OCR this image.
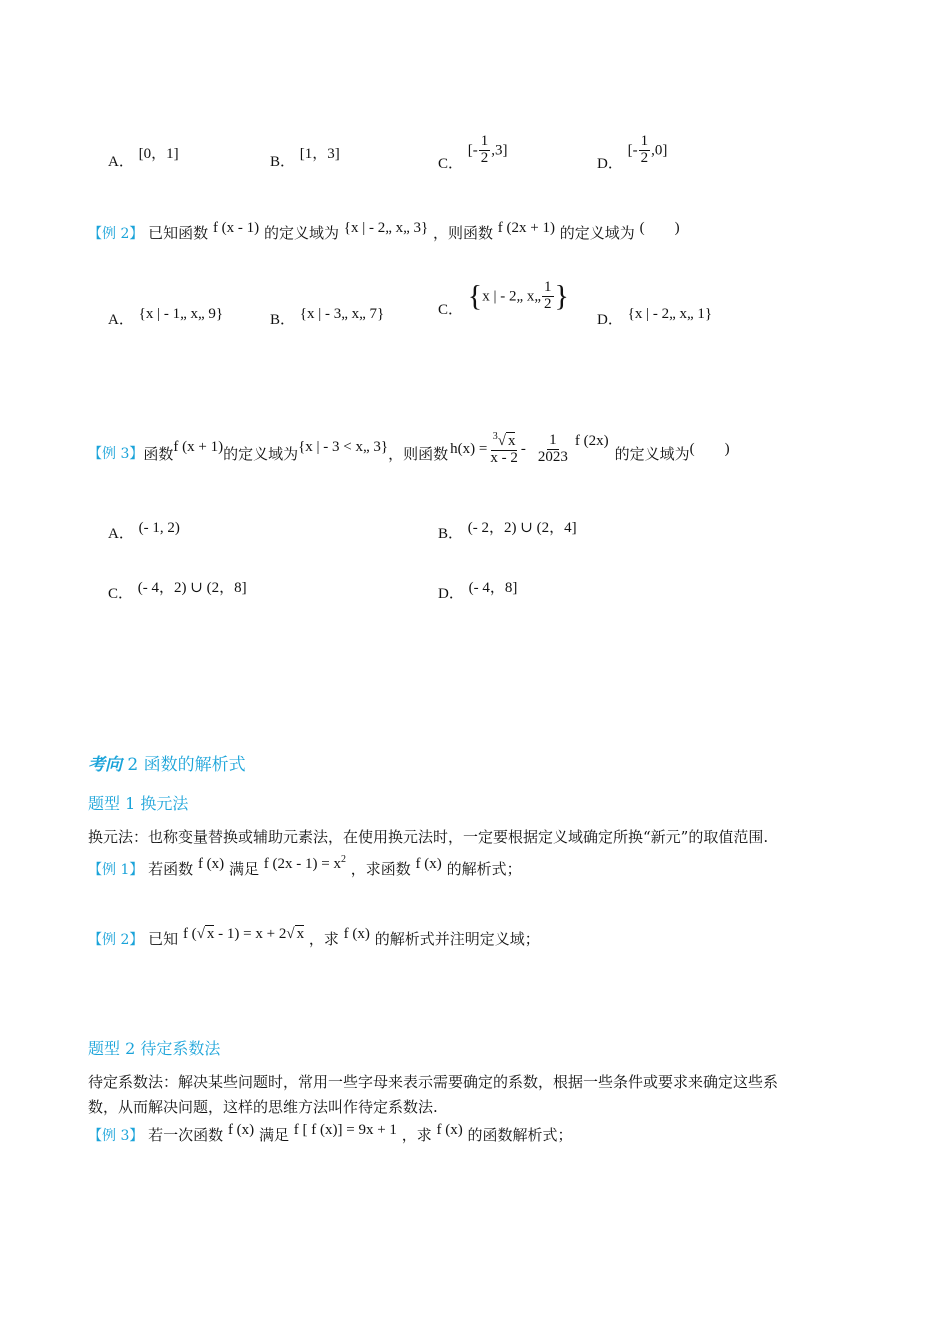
A． [0，1]	B． [1，3]
C． [- $\frac{1}{2} ,3$]
D． [- $\frac{1}{2} ,0$]
【例 2】 已知函数 f (x - 1) 的定义域为 {x | - 2„ x„ 3} ，则函数 f (2x + 1) 的定义域为 (　　)
A． {x | - 1„ x„ 9}	B． {x | - 3„ x„ 7}	C． {x | - 2„ x„ $\frac{1}{2}$ }
D． {x | - 2„ x„ 1}
【例 3】 函数 f (x + 1) 的定义域为 {x | - 3 < x„ 3} ，则函数 $h(x) = \frac{^3√ x}{x - 2} - \frac{1}{2023}$ f (2x)
的定义域为 (　　)
A． (- 1, 2)	B． (- 2，2) ∪ (2，4]
C． (- 4，2) ∪ (2，8]	D． (- 4，8]
考向 2 函数的解析式
题型 1 换元法
换元法：也称变量替换或辅助元素法，在使用换元法时，一定要根据定义域确定所换“新元”的取值范围.
【例 1】 若函数 f (x) 满足 f $(2x - 1) = x^2$ ，求函数 f (x) 的解析式；
【例 2】 已知 f (√ x - 1) = x + 2√ x ，求 f (x) 的解析式并注明定义域；
题型 2 待定系数法
待定系数法：解决某些问题时，常用一些字母来表示需要确定的系数，根据一些条件或要求来确定这些系
数，从而解决问题，这样的思维方法叫作待定系数法.
【例 3】 若一次函数 f (x) 满足 f [ f (x)] = 9x + 1 ，求 f (x) 的函数解析式；
